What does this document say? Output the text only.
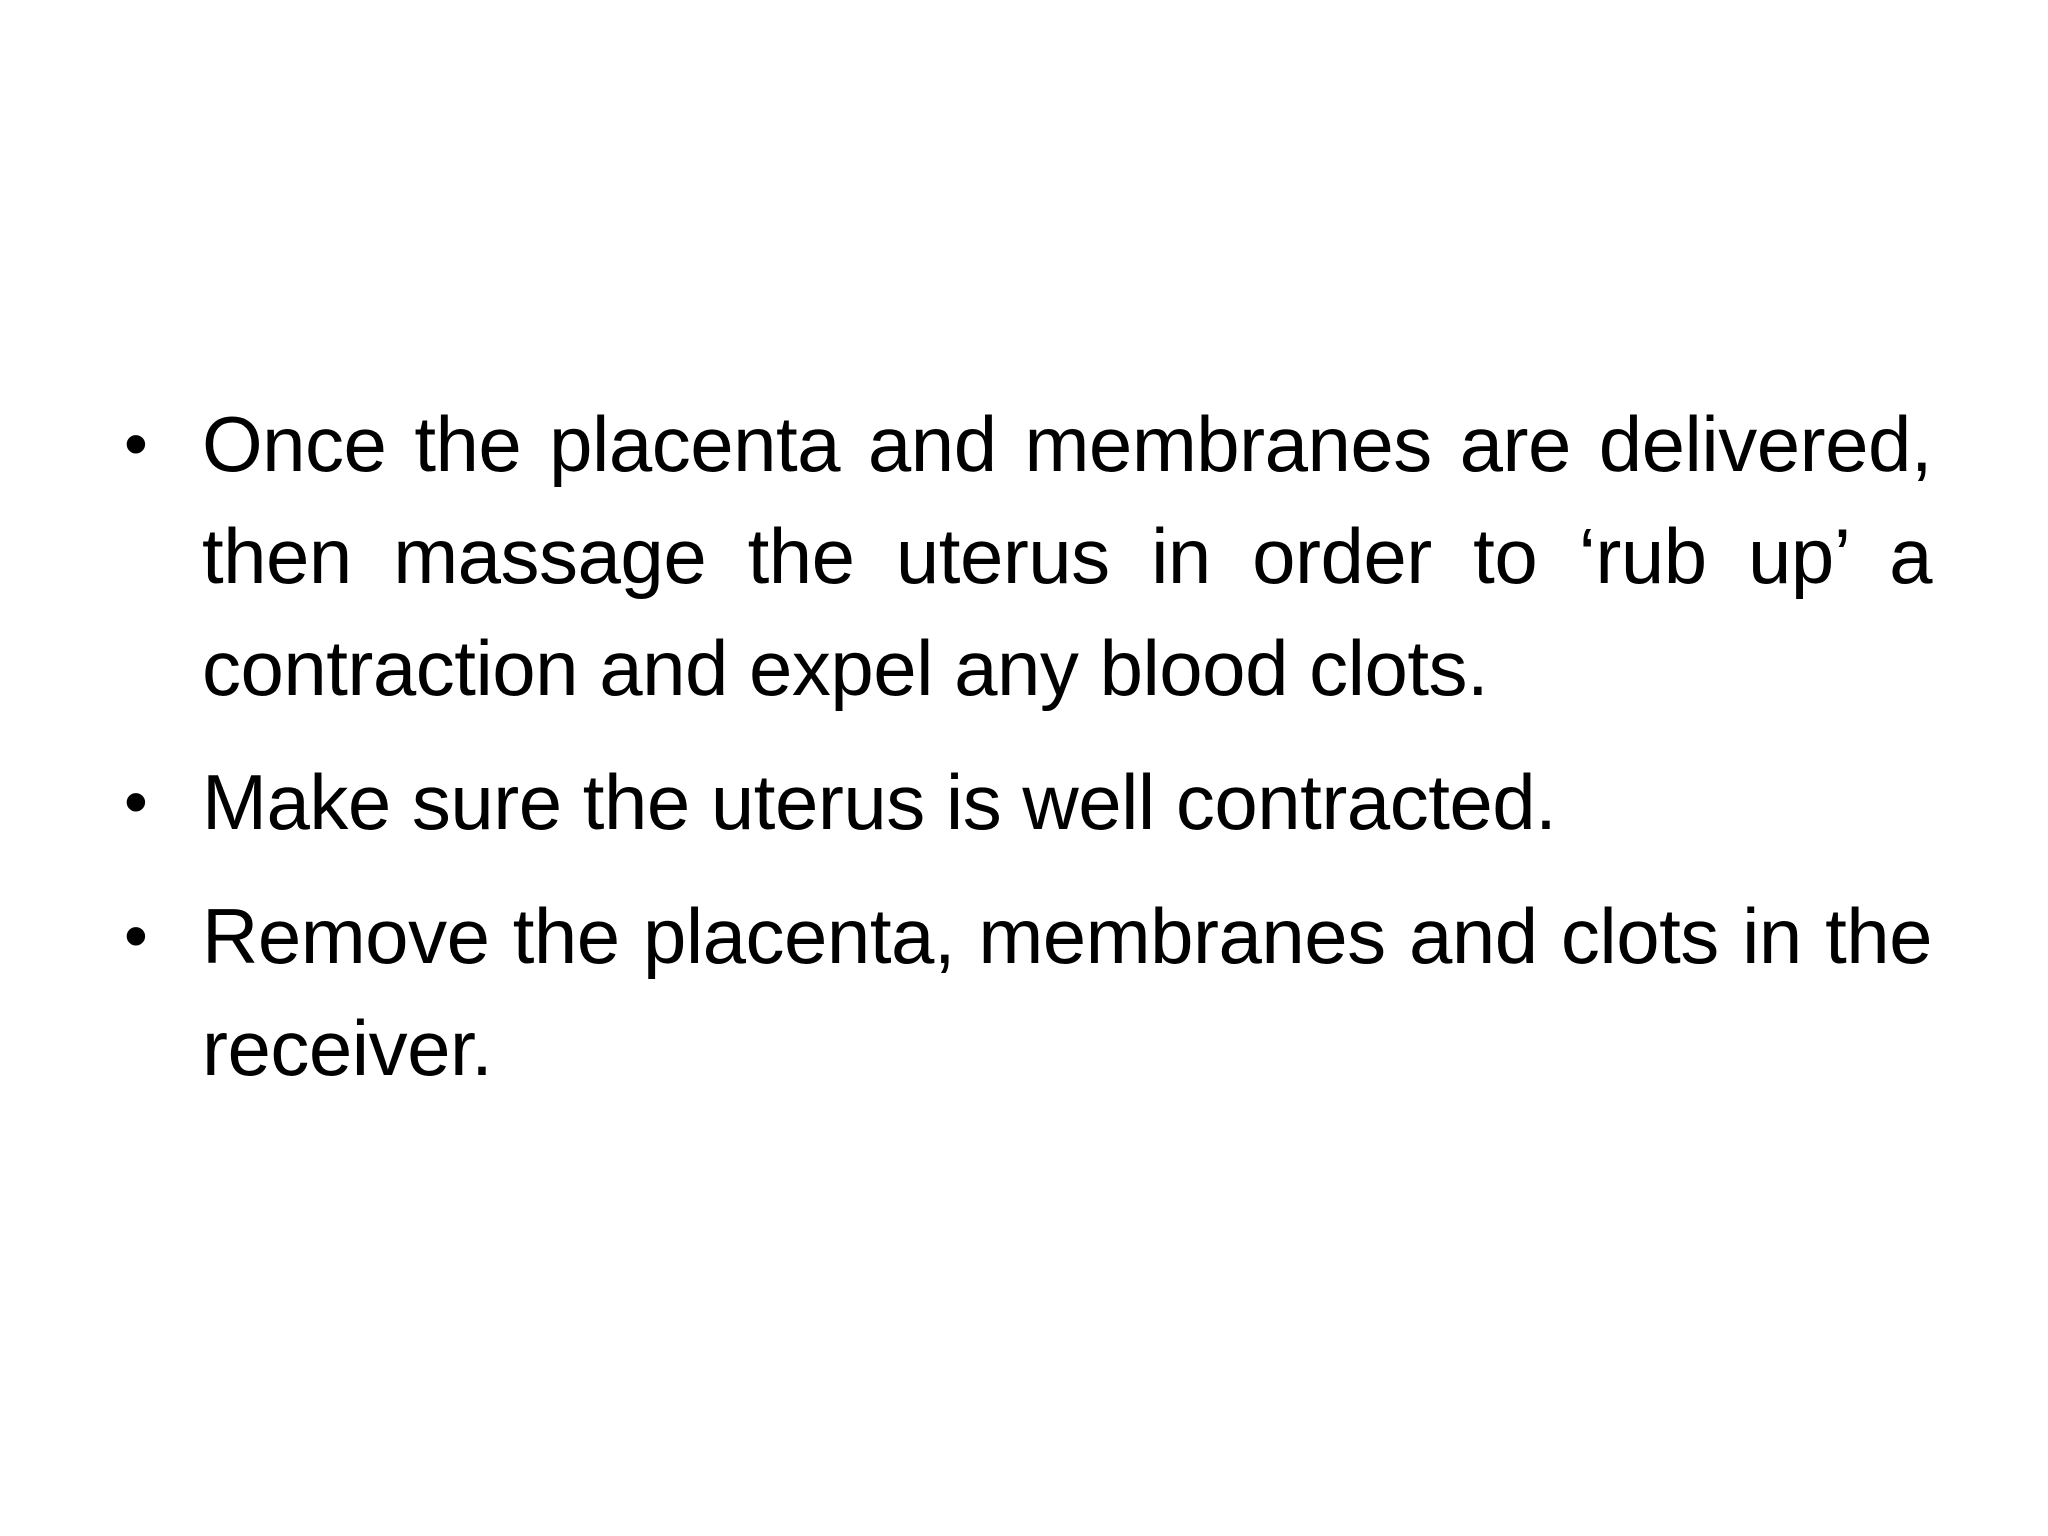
• Once the placenta and membranes are delivered, then massage the uterus in order to ‘rub up’ a contraction and expel any blood clots.
• Make sure the uterus is well contracted.
• Remove the placenta, membranes and clots in the receiver.
